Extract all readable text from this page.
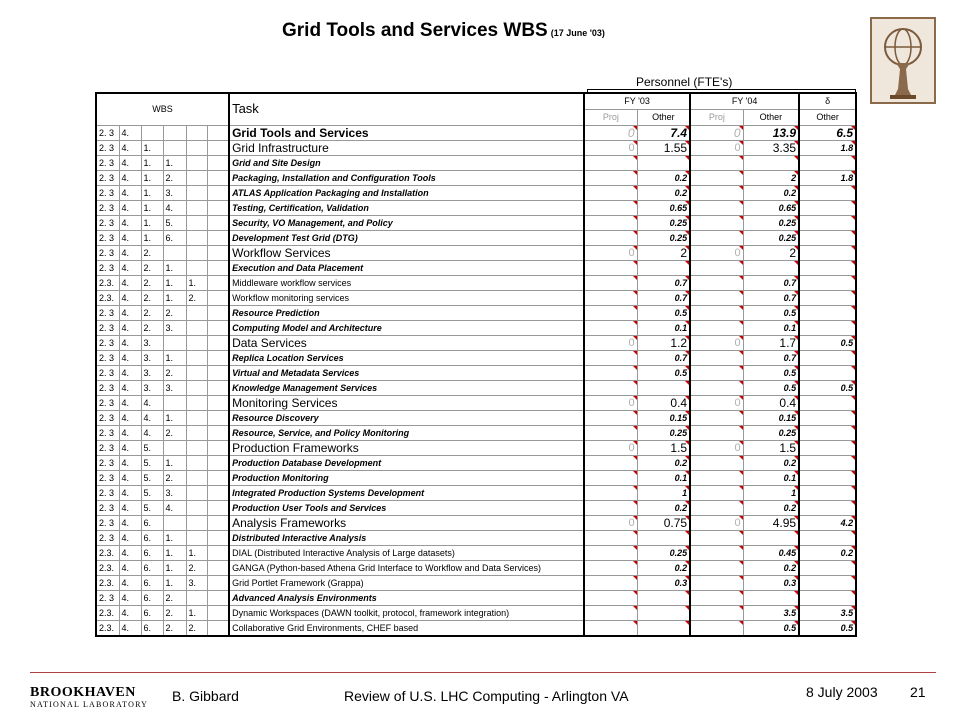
Grid Tools and Services WBS (17 June '03)
Personnel (FTE's)
WBS						Task	FY '03		FY '04		δ
							Proj	Other	Proj	Other	Other
2. 3	4.					Grid Tools and Services	0	7.4	0	13.9	6.5
2. 3	4.	1.				Grid Infrastructure	0	1.55	0	3.35	1.8
2. 3	4.	1.	1.			Grid and Site Design					
2. 3	4.	1.	2.			Packaging, Installation and Configuration Tools		0.2		2	1.8
2. 3	4.	1.	3.			ATLAS Application Packaging and Installation		0.2		0.2	
2. 3	4.	1.	4.			Testing, Certification, Validation		0.65		0.65	
2. 3	4.	1.	5.			Security, VO Management, and Policy		0.25		0.25	
2. 3	4.	1.	6.			Development Test Grid (DTG)		0.25		0.25	
2. 3	4.	2.				Workflow Services	0	2	0	2	
2. 3	4.	2.	1.			Execution and Data Placement					
2.3.	4.	2.	1.	1.		Middleware workflow services		0.7		0.7	
2.3.	4.	2.	1.	2.		Workflow monitoring services		0.7		0.7	
2. 3	4.	2.	2.			Resource Prediction		0.5		0.5	
2. 3	4.	2.	3.			Computing Model and Architecture		0.1		0.1	
2. 3	4.	3.				Data Services	0	1.2	0	1.7	0.5
2. 3	4.	3.	1.			Replica Location Services		0.7		0.7	
2. 3	4.	3.	2.			Virtual and Metadata Services		0.5		0.5	
2. 3	4.	3.	3.			Knowledge Management Services				0.5	0.5
2. 3	4.	4.				Monitoring Services	0	0.4	0	0.4	
2. 3	4.	4.	1.			Resource Discovery		0.15		0.15	
2. 3	4.	4.	2.			Resource, Service, and Policy Monitoring		0.25		0.25	
2. 3	4.	5.				Production Frameworks	0	1.5	0	1.5	
2. 3	4.	5.	1.			Production Database Development		0.2		0.2	
2. 3	4.	5.	2.			Production Monitoring		0.1		0.1	
2. 3	4.	5.	3.			Integrated Production Systems Development		1		1	
2. 3	4.	5.	4.			Production User Tools and Services		0.2		0.2	
2. 3	4.	6.				Analysis Frameworks	0	0.75	0	4.95	4.2
2. 3	4.	6.	1.			Distributed Interactive Analysis					
2.3.	4.	6.	1.	1.		DIAL (Distributed Interactive Analysis of Large datasets)		0.25		0.45	0.2
2.3.	4.	6.	1.	2.		GANGA (Python-based Athena Grid Interface to Workflow and Data Services)		0.2		0.2	
2.3.	4.	6.	1.	3.		Grid Portlet Framework (Grappa)		0.3		0.3	
2. 3	4.	6.	2.			Advanced Analysis Environments					
2.3.	4.	6.	2.	1.		Dynamic Workspaces (DAWN toolkit, protocol, framework integration)				3.5	3.5
2.3.	4.	6.	2.	2.		Collaborative Grid Environments, CHEF based				0.5	0.5
BROOKHAVEN
NATIONAL LABORATORY
B. Gibbard	Review of U.S. LHC Computing - Arlington VA	8 July 2003 21
